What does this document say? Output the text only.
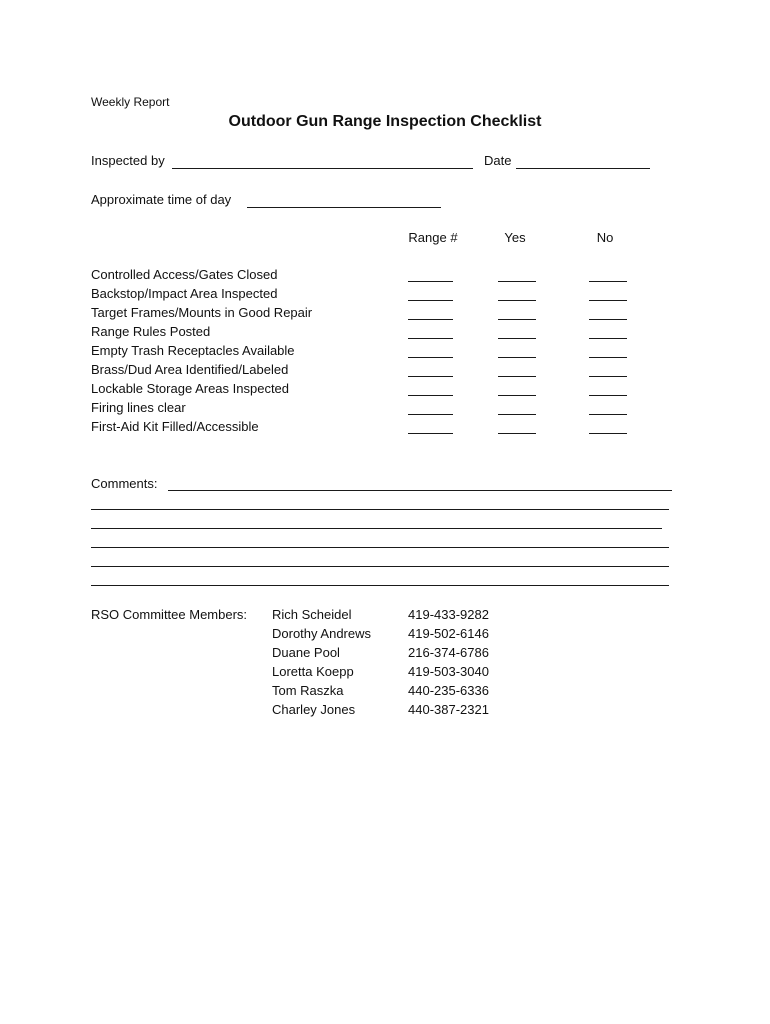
Weekly Report
Outdoor Gun Range Inspection Checklist
Inspected by	Date
Approximate time of day
Range #	Yes	No
Controlled Access/Gates Closed
Backstop/Impact Area Inspected
Target Frames/Mounts in Good Repair
Range Rules Posted
Empty Trash Receptacles Available
Brass/Dud Area Identified/Labeled
Lockable Storage Areas Inspected
Firing lines clear
First-Aid Kit Filled/Accessible
Comments:
RSO Committee Members: Rich Scheidel	419-433-9282
Dorothy Andrews	419-502-6146
Duane Pool	216-374-6786
Loretta Koepp	419-503-3040
Tom Raszka	440-235-6336
Charley Jones	440-387-2321
